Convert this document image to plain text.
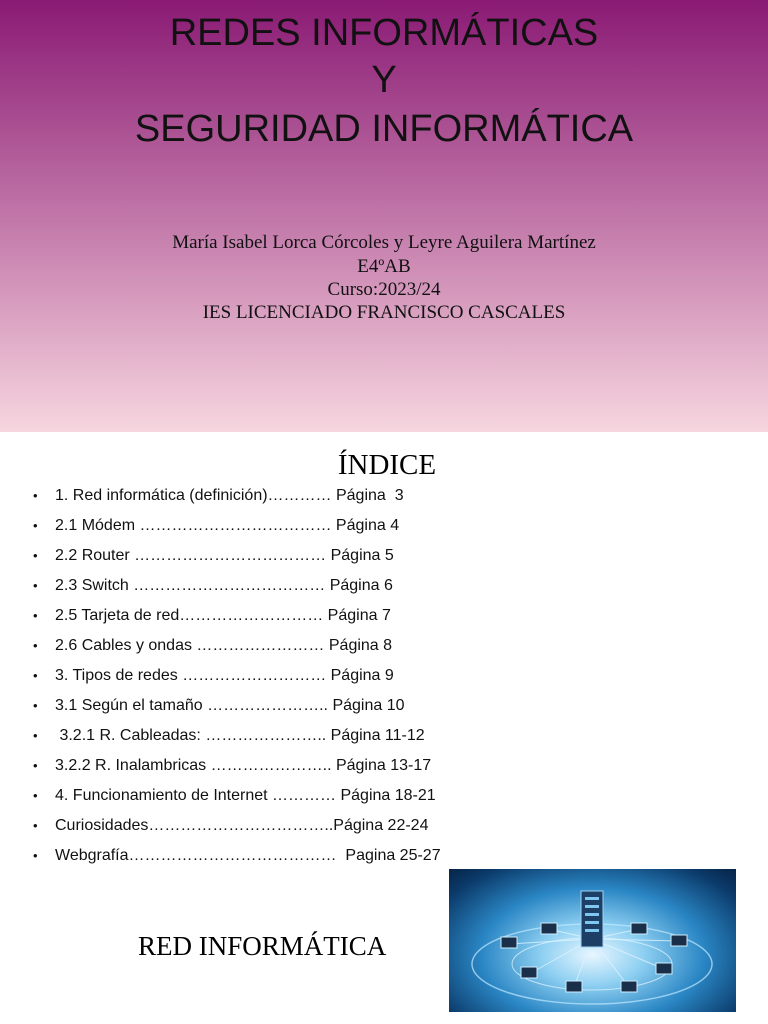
REDES INFORMÁTICAS
Y
SEGURIDAD INFORMÁTICA
María Isabel Lorca Córcoles y Leyre Aguilera Martínez
E4ºAB
Curso:2023/24
IES LICENCIADO FRANCISCO CASCALES
ÍNDICE
• 1. Red informática (definición)………… Página  3
• 2.1 Módem ……………………………… Página 4
• 2.2 Router ……………………………… Página 5
• 2.3 Switch ……………………………… Página 6
• 2.5 Tarjeta de red……………………… Página 7
• 2.6 Cables y ondas …………………… Página 8
• 3. Tipos de redes ……………………… Página 9
• 3.1 Según el tamaño ………………….. Página 10
• 3.2.1 R. Cableadas: ………………….. Página 11-12
• 3.2.2 R. Inalambricas ………………….. Página 13-17
• 4. Funcionamiento de Internet ………… Página 18-21
• Curiosidades……………………………..Página 22-24
• Webgrafía…………………………………  Pagina 25-27
RED INFORMÁTICA
